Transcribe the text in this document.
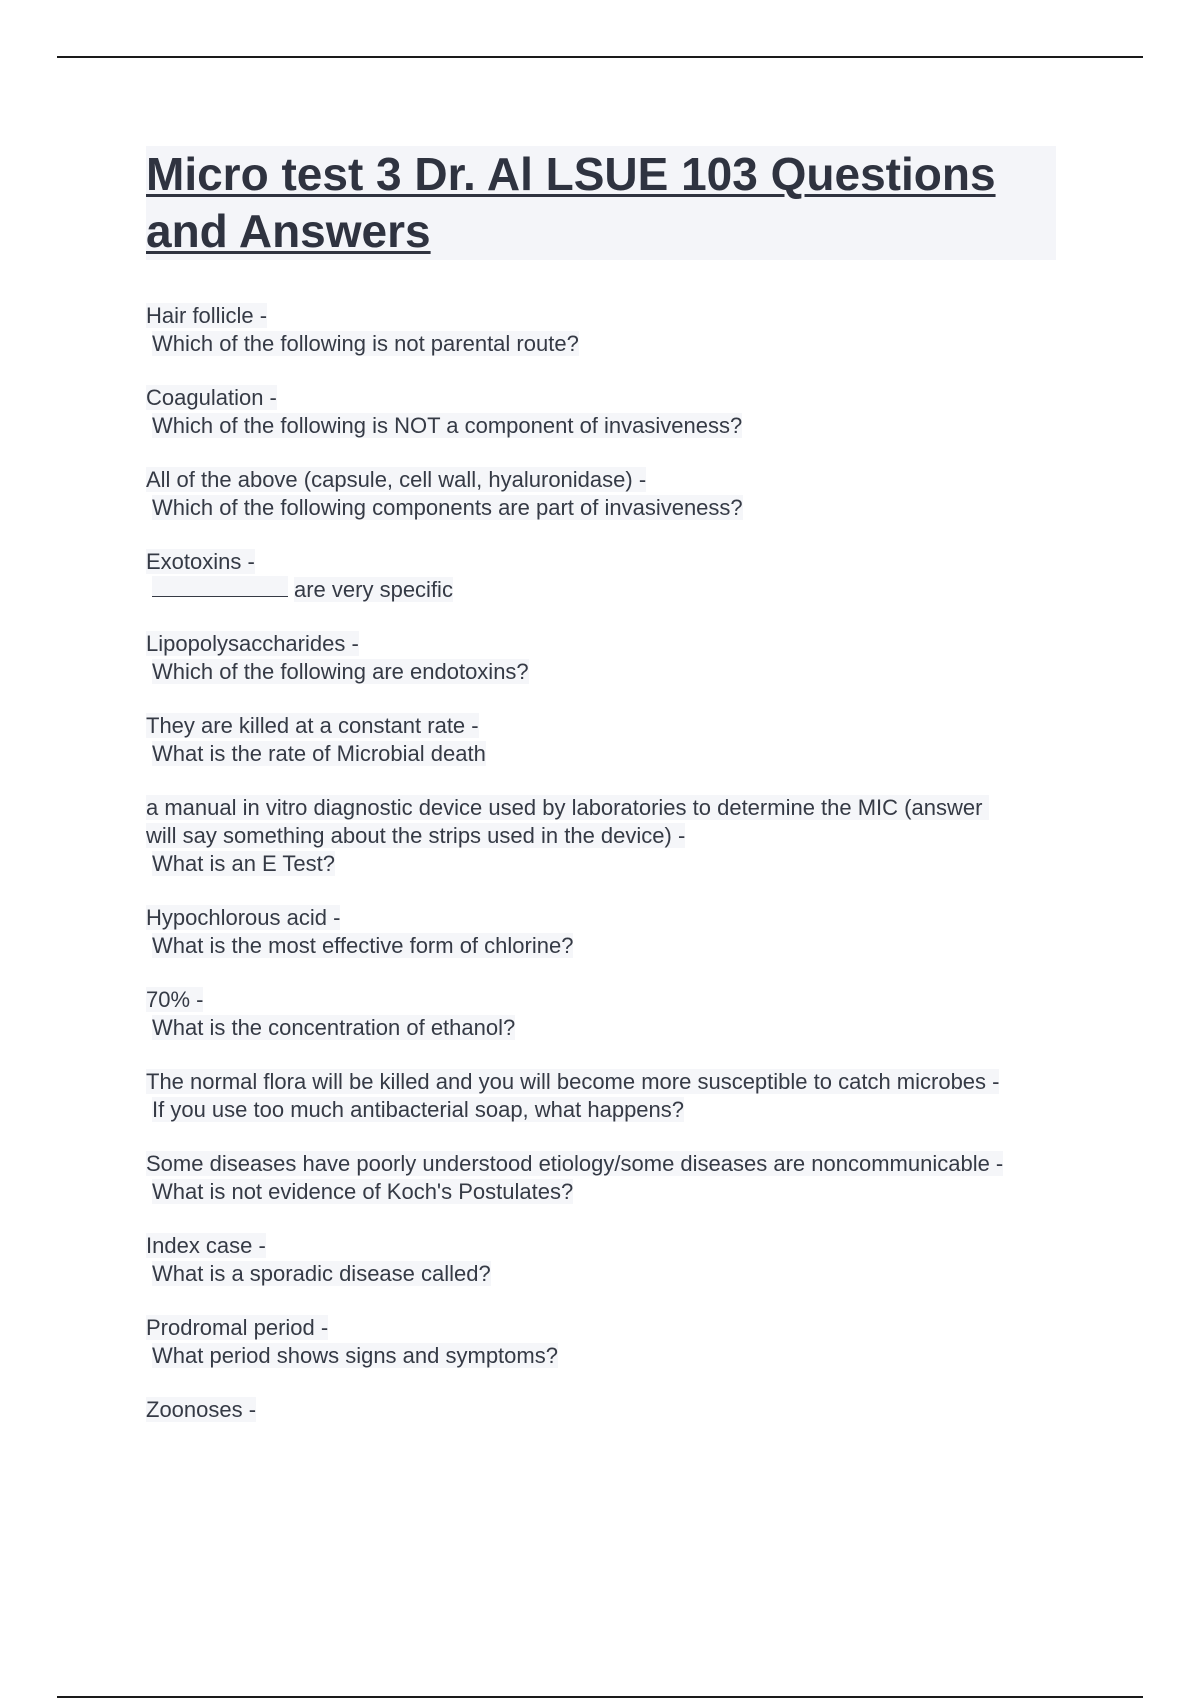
Micro test 3 Dr. Al LSUE 103 Questions and Answers
Hair follicle -
Which of the following is not parental route?
Coagulation -
Which of the following is NOT a component of invasiveness?
All of the above (capsule, cell wall, hyaluronidase) -
Which of the following components are part of invasiveness?
Exotoxins -
are very specific
Lipopolysaccharides -
Which of the following are endotoxins?
They are killed at a constant rate -
What is the rate of Microbial death
a manual in vitro diagnostic device used by laboratories to determine the MIC (answer will say something about the strips used in the device) -
What is an E Test?
Hypochlorous acid -
What is the most effective form of chlorine?
70% -
What is the concentration of ethanol?
The normal flora will be killed and you will become more susceptible to catch microbes -
If you use too much antibacterial soap, what happens?
Some diseases have poorly understood etiology/some diseases are noncommunicable -
What is not evidence of Koch's Postulates?
Index case -
What is a sporadic disease called?
Prodromal period -
What period shows signs and symptoms?
Zoonoses -
